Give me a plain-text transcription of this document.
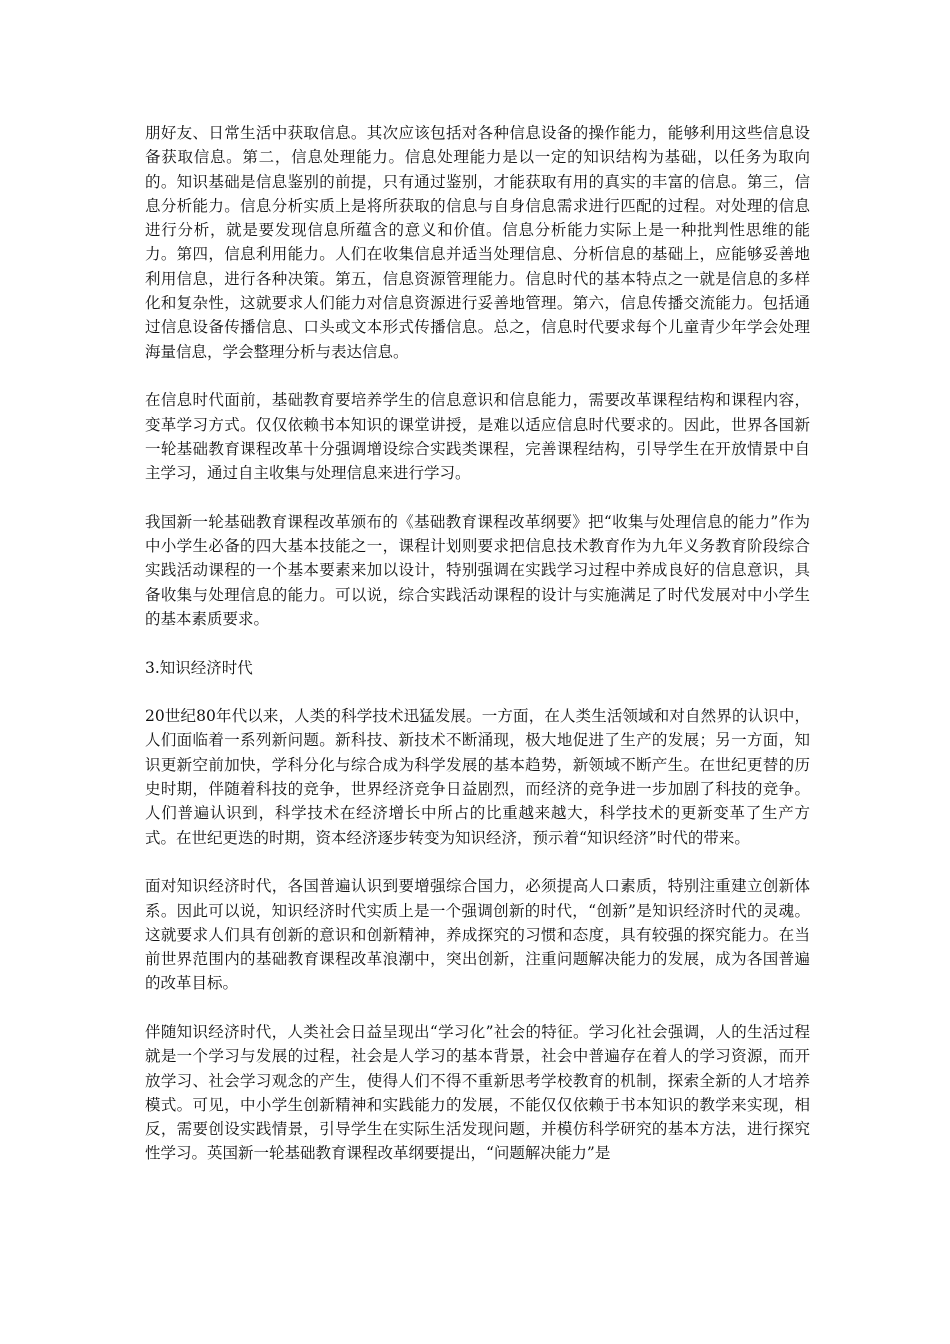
朋好友、日常生活中获取信息。其次应该包括对各种信息设备的操作能力，能够利用这些信息设备获取信息。第二，信息处理能力。信息处理能力是以一定的知识结构为基础，以任务为取向的。知识基础是信息鉴别的前提，只有通过鉴别，才能获取有用的真实的丰富的信息。第三，信息分析能力。信息分析实质上是将所获取的信息与自身信息需求进行匹配的过程。对处理的信息进行分析，就是要发现信息所蕴含的意义和价值。信息分析能力实际上是一种批判性思维的能力。第四，信息利用能力。人们在收集信息并适当处理信息、分析信息的基础上，应能够妥善地利用信息，进行各种决策。第五，信息资源管理能力。信息时代的基本特点之一就是信息的多样化和复杂性，这就要求人们能力对信息资源进行妥善地管理。第六，信息传播交流能力。包括通过信息设备传播信息、口头或文本形式传播信息。总之，信息时代要求每个儿童青少年学会处理海量信息，学会整理分析与表达信息。

在信息时代面前，基础教育要培养学生的信息意识和信息能力，需要改革课程结构和课程内容，变革学习方式。仅仅依赖书本知识的课堂讲授，是难以适应信息时代要求的。因此，世界各国新一轮基础教育课程改革十分强调增设综合实践类课程，完善课程结构，引导学生在开放情景中自主学习，通过自主收集与处理信息来进行学习。

我国新一轮基础教育课程改革颁布的《基础教育课程改革纲要》把“收集与处理信息的能力”作为中小学生必备的四大基本技能之一，课程计划则要求把信息技术教育作为九年义务教育阶段综合实践活动课程的一个基本要素来加以设计，特别强调在实践学习过程中养成良好的信息意识，具备收集与处理信息的能力。可以说，综合实践活动课程的设计与实施满足了时代发展对中小学生的基本素质要求。

3.知识经济时代

20世纪80年代以来，人类的科学技术迅猛发展。一方面，在人类生活领域和对自然界的认识中，人们面临着一系列新问题。新科技、新技术不断涌现，极大地促进了生产的发展；另一方面，知识更新空前加快，学科分化与综合成为科学发展的基本趋势，新领域不断产生。在世纪更替的历史时期，伴随着科技的竞争，世界经济竞争日益剧烈，而经济的竞争进一步加剧了科技的竞争。人们普遍认识到，科学技术在经济增长中所占的比重越来越大，科学技术的更新变革了生产方式。在世纪更迭的时期，资本经济逐步转变为知识经济，预示着“知识经济”时代的带来。

面对知识经济时代，各国普遍认识到要增强综合国力，必须提高人口素质，特别注重建立创新体系。因此可以说，知识经济时代实质上是一个强调创新的时代，“创新”是知识经济时代的灵魂。这就要求人们具有创新的意识和创新精神，养成探究的习惯和态度，具有较强的探究能力。在当前世界范围内的基础教育课程改革浪潮中，突出创新，注重问题解决能力的发展，成为各国普遍的改革目标。

伴随知识经济时代，人类社会日益呈现出“学习化”社会的特征。学习化社会强调，人的生活过程就是一个学习与发展的过程，社会是人学习的基本背景，社会中普遍存在着人的学习资源，而开放学习、社会学习观念的产生，使得人们不得不重新思考学校教育的机制，探索全新的人才培养模式。可见，中小学生创新精神和实践能力的发展，不能仅仅依赖于书本知识的教学来实现，相反，需要创设实践情景，引导学生在实际生活发现问题，并模仿科学研究的基本方法，进行探究性学习。英国新一轮基础教育课程改革纲要提出，“问题解决能力”是
